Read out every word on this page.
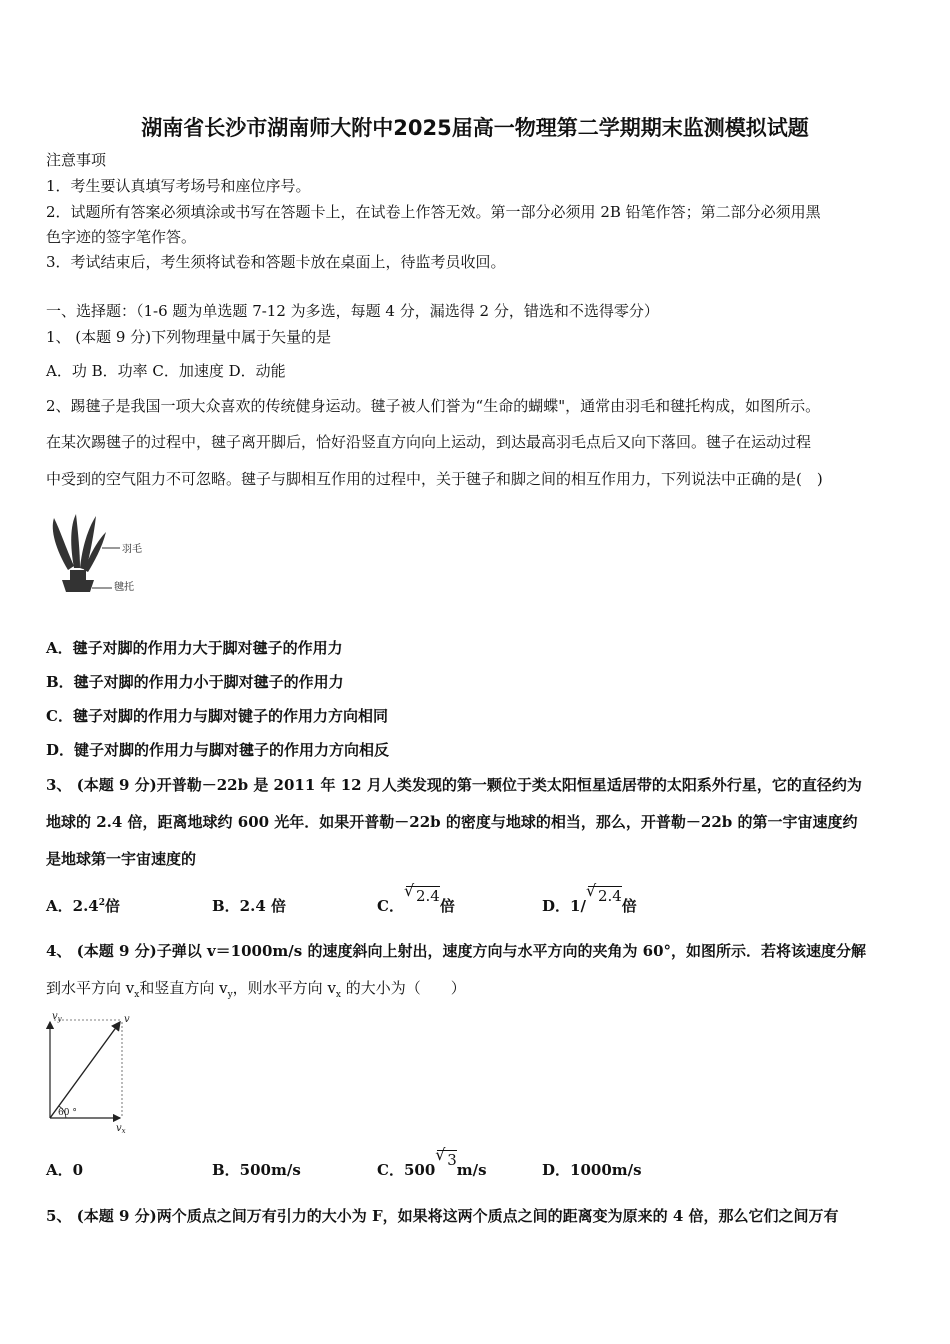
湖南省长沙市湖南师大附中2025届高一物理第二学期期末监测模拟试题
注意事项
1．考生要认真填写考场号和座位序号。
2．试题所有答案必须填涂或书写在答题卡上，在试卷上作答无效。第一部分必须用 2B 铅笔作答；第二部分必须用黑
色字迹的签字笔作答。
3．考试结束后，考生须将试卷和答题卡放在桌面上，待监考员收回。
一、选择题：（1-6 题为单选题 7-12 为多选，每题 4 分，漏选得 2 分，错选和不选得零分）
1、 (本题 9 分)下列物理量中属于矢量的是
A．功 B．功率 C．加速度 D．动能
2、踢毽子是我国一项大众喜欢的传统健身运动。毽子被人们誉为“生命的蝴蝶"，通常由羽毛和毽托构成，如图所示。
在某次踢毽子的过程中，毽子离开脚后，恰好沿竖直方向向上运动，到达最高羽毛点后又向下落回。毽子在运动过程
中受到的空气阻力不可忽略。毽子与脚相互作用的过程中，关于毽子和脚之间的相互作用力，下列说法中正确的是(　)
羽毛
毽托
A．毽子对脚的作用力大于脚对毽子的作用力
B．毽子对脚的作用力小于脚对毽子的作用力
C．毽子对脚的作用力与脚对键子的作用力方向相同
D．键子对脚的作用力与脚对毽子的作用力方向相反
3、 (本题 9 分)开普勒－22b 是 2011 年 12 月人类发现的第一颗位于类太阳恒星适居带的太阳系外行星，它的直径约为
地球的 2.4 倍，距离地球约 600 光年．如果开普勒－22b 的密度与地球的相当，那么，开普勒－22b 的第一宇宙速度约
是地球第一宇宙速度的
A．$2.4^2$倍	B．2.4 倍	C．√ 2.4倍	D．1/√ 2.4倍
4、 (本题 9 分)子弹以 v＝1000m/s 的速度斜向上射出，速度方向与水平方向的夹角为 60°，如图所示．若将该速度分解
到水平方向 $v_x$和竖直方向 $v_y$，则水平方向 $v_x$ 的大小为（　　）
$v_y$	v
$v_x$
60 °
A．0	B．500m/s	C．500√ 3m/s	D．1000m/s
5、 (本题 9 分)两个质点之间万有引力的大小为 F，如果将这两个质点之间的距离变为原来的 4 倍，那么它们之间万有
